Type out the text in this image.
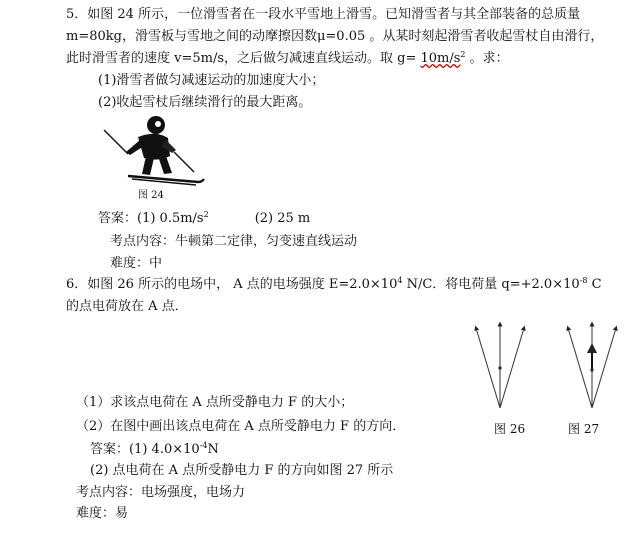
5．如图 24 所示，一位滑雪者在一段水平雪地上滑雪。已知滑雪者与其全部装备的总质量
m=80kg，滑雪板与雪地之间的动摩擦因数μ=0.05 。从某时刻起滑雪者收起雪杖自由滑行，
此时滑雪者的速度 v=5m/s，之后做匀减速直线运动。取 $g= 10m/s^2$ 。求：
(1)滑雪者做匀减速运动的加速度大小；
(2)收起雪杖后继续滑行的最大距离。
图 24
答案：(1) $0.5m/s^2$	(2) 25 m
考点内容：牛顿第二定律，匀变速直线运动
难度：中
6．如图 26 所示的电场中， A 点的电场强度 $E=2.0\times 10^4$ N/C．将电荷量 $q=+2.0\times 10^{-8}$ C
的点电荷放在 A 点．
图 26	图 27
（1）求该点电荷在 A 点所受静电力 F 的大小；
（2）在图中画出该点电荷在 A 点所受静电力 F 的方向．
答案：(1) $4.0\times 10^{-4}N$
(2) 点电荷在 A 点所受静电力 F 的方向如图 27 所示
考点内容：电场强度，电场力
难度：易
